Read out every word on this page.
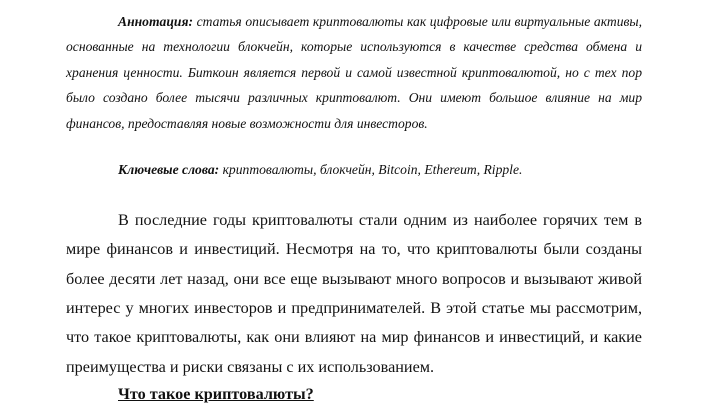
Аннотация: статья описывает криптовалюты как цифровые или виртуальные активы, основанные на технологии блокчейн, которые используются в качестве средства обмена и хранения ценности. Биткоин является первой и самой известной криптовалютой, но с тех пор было создано более тысячи различных криптовалют. Они имеют большое влияние на мир финансов, предоставляя новые возможности для инвесторов.

Ключевые слова: криптовалюты, блокчейн, Bitcoin, Ethereum, Ripple.

В последние годы криптовалюты стали одним из наиболее горячих тем в мире финансов и инвестиций. Несмотря на то, что криптовалюты были созданы более десяти лет назад, они все еще вызывают много вопросов и вызывают живой интерес у многих инвесторов и предпринимателей. В этой статье мы рассмотрим, что такое криптовалюты, как они влияют на мир финансов и инвестиций, и какие преимущества и риски связаны с их использованием.

Что такое криптовалюты?
